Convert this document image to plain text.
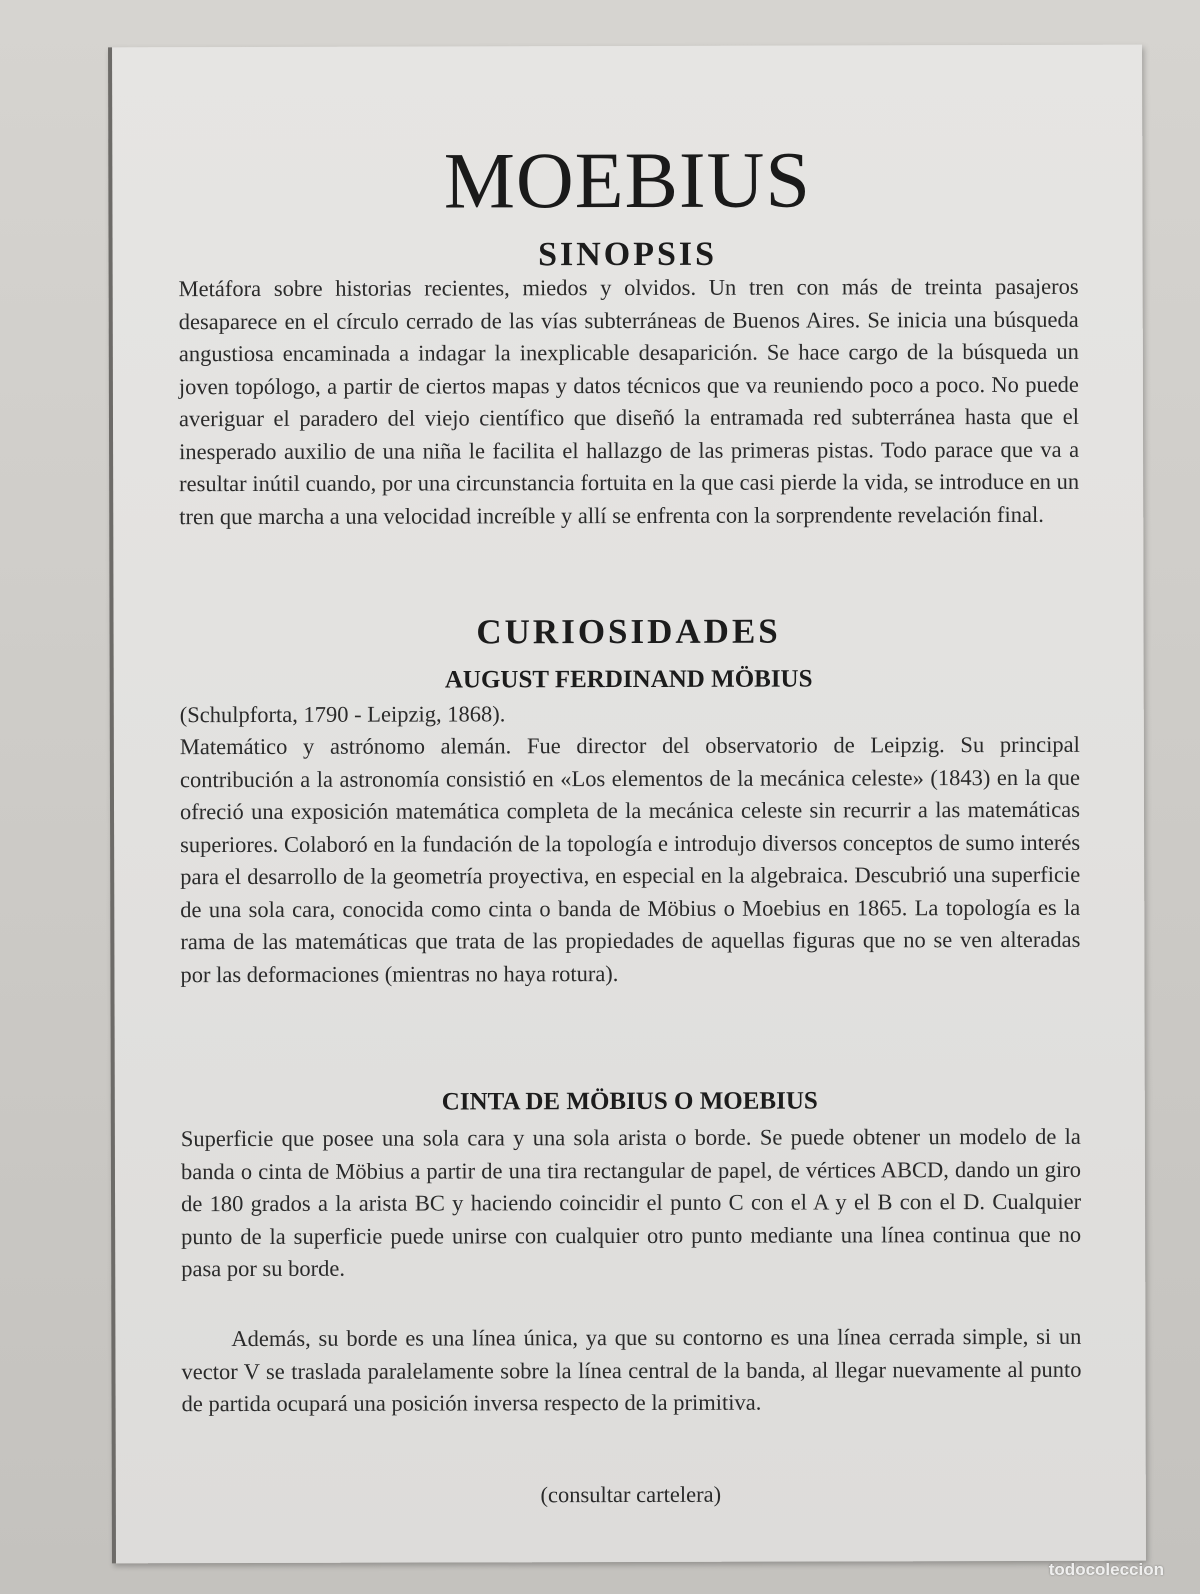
MOEBIUS
SINOPSIS

Metáfora sobre historias recientes, miedos y olvidos. Un tren con más de treinta pasajeros desaparece en el círculo cerrado de las vías subterráneas de Buenos Aires. Se inicia una búsqueda angustiosa encaminada a indagar la inexplicable desaparición. Se hace cargo de la búsqueda un joven topólogo, a partir de ciertos mapas y datos técnicos que va reuniendo poco a poco. No puede averiguar el paradero del viejo científico que diseñó la entramada red subterránea hasta que el inesperado auxilio de una niña le facilita el hallazgo de las primeras pistas. Todo parace que va a resultar inútil cuando, por una circunstancia fortuita en la que casi pierde la vida, se introduce en un tren que marcha a una velocidad increíble y allí se enfrenta con la sorprendente revelación final.

CURIOSIDADES
AUGUST FERDINAND MÖBIUS

(Schulpforta, 1790 - Leipzig, 1868).

Matemático y astrónomo alemán. Fue director del observatorio de Leipzig. Su principal contribución a la astronomía consistió en «Los elementos de la mecánica celeste» (1843) en la que ofreció una exposición matemática completa de la mecánica celeste sin recurrir a las matemáticas superiores. Colaboró en la fundación de la topología e introdujo diversos conceptos de sumo interés para el desarrollo de la geometría proyectiva, en especial en la algebraica. Descubrió una superficie de una sola cara, conocida como cinta o banda de Möbius o Moebius en 1865. La topología es la rama de las matemáticas que trata de las propiedades de aquellas figuras que no se ven alteradas por las deformaciones (mientras no haya rotura).

CINTA DE MÖBIUS O MOEBIUS

Superficie que posee una sola cara y una sola arista o borde. Se puede obtener un modelo de la banda o cinta de Möbius a partir de una tira rectangular de papel, de vértices ABCD, dando un giro de 180 grados a la arista BC y haciendo coincidir el punto C con el A y el B con el D. Cualquier punto de la superficie puede unirse con cualquier otro punto mediante una línea continua que no pasa por su borde.

Además, su borde es una línea única, ya que su contorno es una línea cerrada simple, si un vector V se traslada paralelamente sobre la línea central de la banda, al llegar nuevamente al punto de partida ocupará una posición inversa respecto de la primitiva.

(consultar cartelera)

todocoleccion
